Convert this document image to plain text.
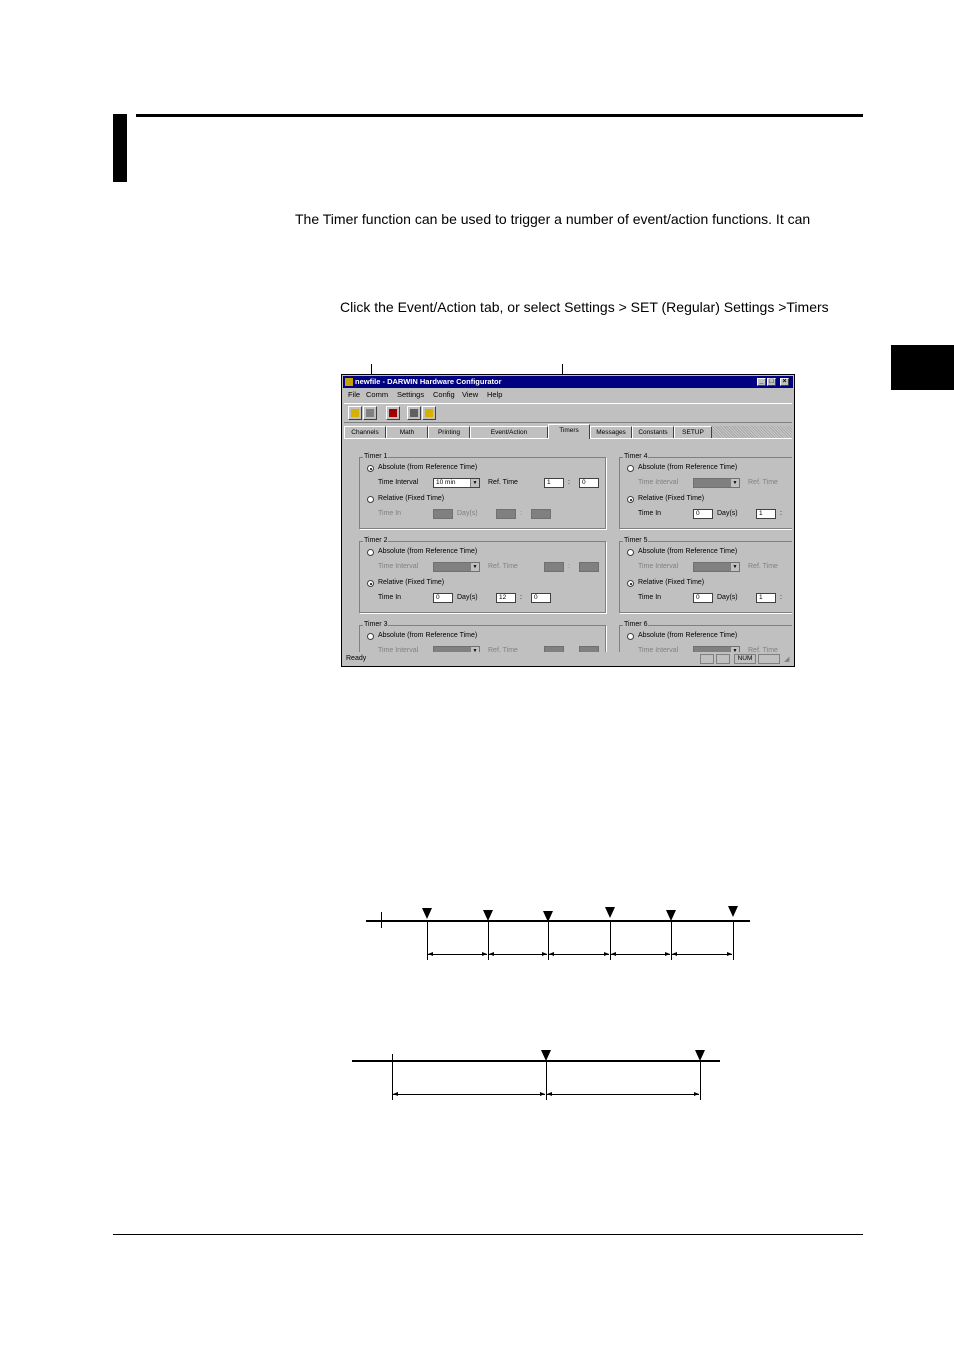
The Timer function can be used to trigger a number of event/action functions. It can
Click the Event/Action tab, or select Settings > SET (Regular) Settings >Timers
newfile - DARWIN Hardware Configurator	_ □	×
File Comm Settings Config View Help
Channels	Math	Printing	Event/Action	Timers	Messages	Constants	SETUP
Timer 1
Absolute (from Reference Time)
Time Interval	10 min	▼ Ref. Time	1	:	0
Relative (Fixed Time)
Time In	Day(s)	:
Timer 2
Absolute (from Reference Time)
Time Interval	▼ Ref. Time	:
Relative (Fixed Time)
Time In	0	Day(s)	12	:	0
Timer 3
Absolute (from Reference Time)
Time Interval	▼ Ref. Time
Timer 4
Absolute (from Reference Time)
Time Interval	▼ Ref. Time
Relative (Fixed Time)
Time In	0	Day(s)	1	:
Timer 5
Absolute (from Reference Time)
Time Interval	▼ Ref. Time
Relative (Fixed Time)
Time In	0	Day(s)	1	:
Timer 6
Absolute (from Reference Time)
Time Interval	▼ Ref. Time
Ready	NUM	◢
